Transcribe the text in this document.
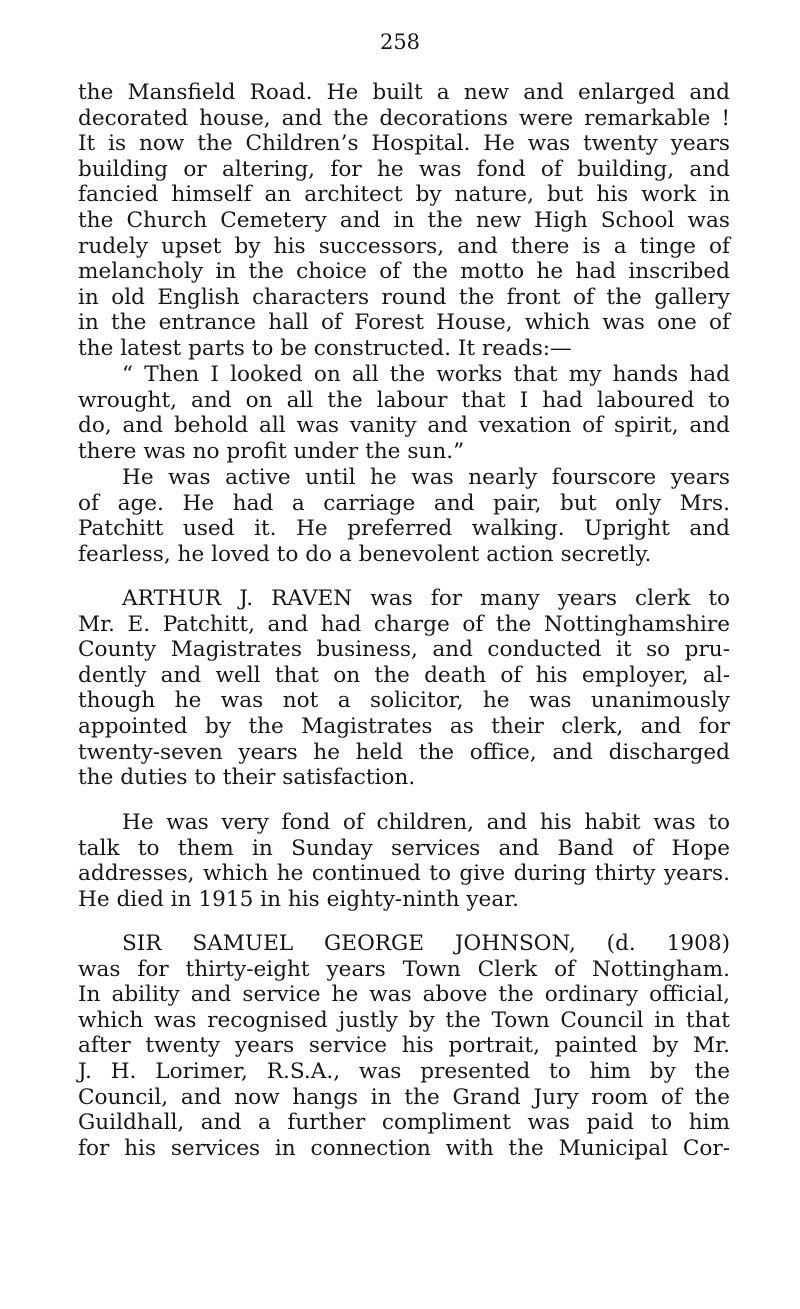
258
the Mansfield Road. He built a new and enlarged and
decorated house, and the decorations were remarkable !
It is now the Children’s Hospital. He was twenty years
building or altering, for he was fond of building, and
fancied himself an architect by nature, but his work in
the Church Cemetery and in the new High School was
rudely upset by his successors, and there is a tinge of
melancholy in the choice of the motto he had inscribed
in old English characters round the front of the gallery
in the entrance hall of Forest House, which was one of
the latest parts to be constructed. It reads:—
“ Then I looked on all the works that my hands had
wrought, and on all the labour that I had laboured to
do, and behold all was vanity and vexation of spirit, and
there was no profit under the sun.”
He was active until he was nearly fourscore years
of age. He had a carriage and pair, but only Mrs.
Patchitt used it. He preferred walking. Upright and
fearless, he loved to do a benevolent action secretly.
ARTHUR J. RAVEN was for many years clerk to
Mr. E. Patchitt, and had charge of the Nottinghamshire
County Magistrates business, and conducted it so pru-
dently and well that on the death of his employer, al-
though he was not a solicitor, he was unanimously
appointed by the Magistrates as their clerk, and for
twenty-seven years he held the office, and discharged
the duties to their satisfaction.
He was very fond of children, and his habit was to
talk to them in Sunday services and Band of Hope
addresses, which he continued to give during thirty years.
He died in 1915 in his eighty-ninth year.
SIR SAMUEL GEORGE JOHNSON, (d. 1908)
was for thirty-eight years Town Clerk of Nottingham.
In ability and service he was above the ordinary official,
which was recognised justly by the Town Council in that
after twenty years service his portrait, painted by Mr.
J. H. Lorimer, R.S.A., was presented to him by the
Council, and now hangs in the Grand Jury room of the
Guildhall, and a further compliment was paid to him
for his services in connection with the Municipal Cor-
